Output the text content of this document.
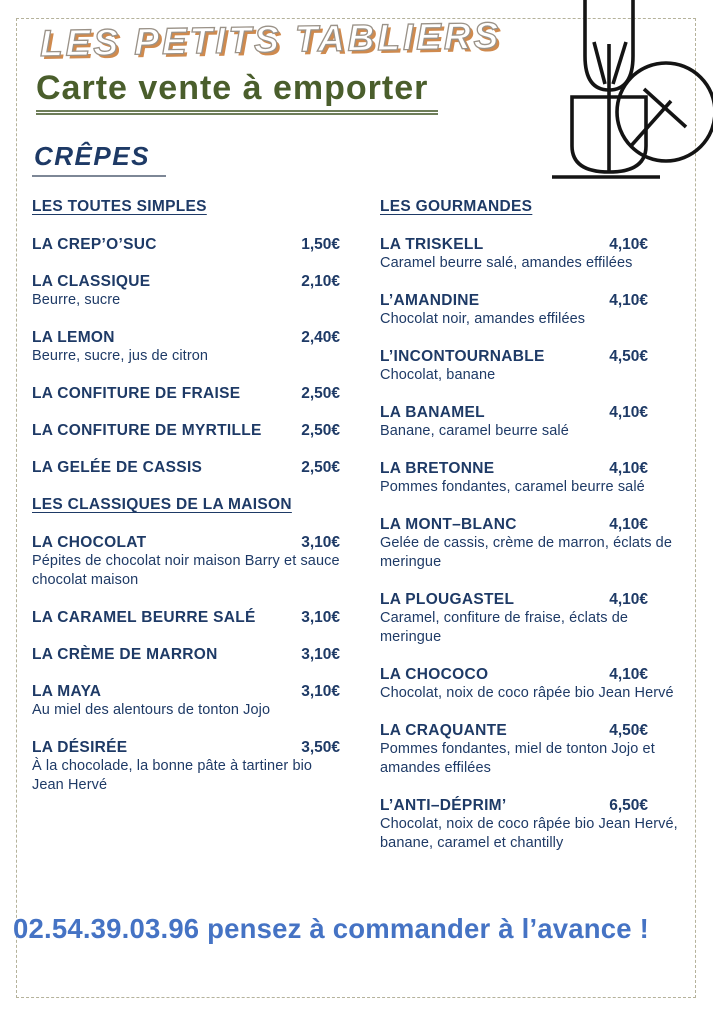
LES PETITS TABLIERS
Carte vente à emporter
CRÊPES
LES TOUTES SIMPLES
LA CREP’O’SUC	1,50€
LA CLASSIQUE	2,10€
Beurre, sucre
LA LEMON	2,40€
Beurre, sucre, jus de citron
LA CONFITURE DE FRAISE	2,50€
LA CONFITURE DE MYRTILLE	2,50€
LA GELÉE DE CASSIS	2,50€
LES CLASSIQUES DE LA MAISON
LA CHOCOLAT	3,10€
Pépites de chocolat noir maison Barry et sauce chocolat maison
LA CARAMEL BEURRE SALÉ	3,10€
LA CRÈME DE MARRON	3,10€
LA MAYA	3,10€
Au miel des alentours de tonton Jojo
LA DÉSIRÉE	3,50€
À la chocolade, la bonne pâte à tartiner bio Jean Hervé
LES GOURMANDES
LA TRISKELL	4,10€
Caramel beurre salé, amandes effilées
L’AMANDINE	4,10€
Chocolat noir, amandes effilées
L’INCONTOURNABLE	4,50€
Chocolat, banane
LA BANAMEL	4,10€
Banane, caramel beurre salé
LA BRETONNE	4,10€
Pommes fondantes, caramel beurre salé
LA MONT–BLANC	4,10€
Gelée de cassis, crème de marron, éclats de meringue
LA PLOUGASTEL	4,10€
Caramel, confiture de fraise, éclats de meringue
LA CHOCOCO	4,10€
Chocolat, noix de coco râpée bio Jean Hervé
LA CRAQUANTE	4,50€
Pommes fondantes, miel de tonton Jojo et amandes effilées
L’ANTI–DÉPRIM’	6,50€
Chocolat, noix de coco râpée bio Jean Hervé, banane, caramel et chantilly
02.54.39.03.96 pensez à commander à l’avance !
